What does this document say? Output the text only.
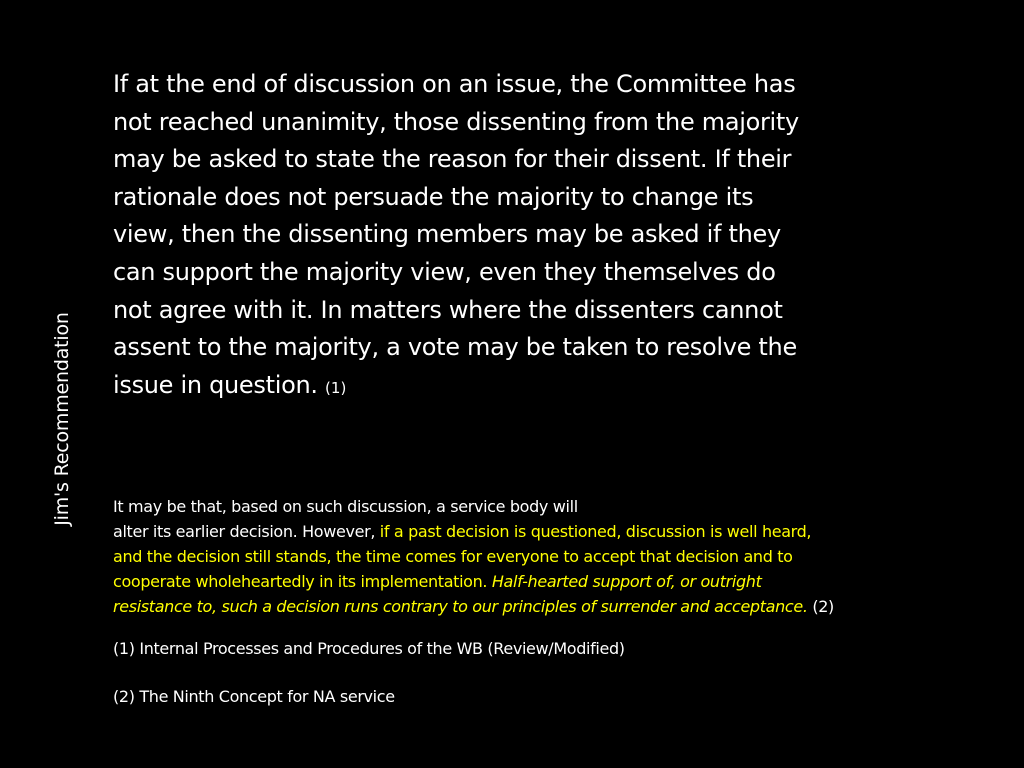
Jim's Recommendation

If at the end of discussion on an issue, the Committee has
not reached unanimity, those dissenting from the majority
may be asked to state the reason for their dissent. If their
rationale does not persuade the majority to change its
view, then the dissenting members may be asked if they
can support the majority view, even they themselves do
not agree with it. In matters where the dissenters cannot
assent to the majority, a vote may be taken to resolve the
issue in question. (1)

It may be that, based on such discussion, a service body will
alter its earlier decision. However, if a past decision is questioned, discussion is well heard,
and the decision still stands, the time comes for everyone to accept that decision and to
cooperate wholeheartedly in its implementation. Half-hearted support of, or outright
resistance to, such a decision runs contrary to our principles of surrender and acceptance. (2)
(1) Internal Processes and Procedures of the WB (Review/Modified)
(2) The Ninth Concept for NA service
